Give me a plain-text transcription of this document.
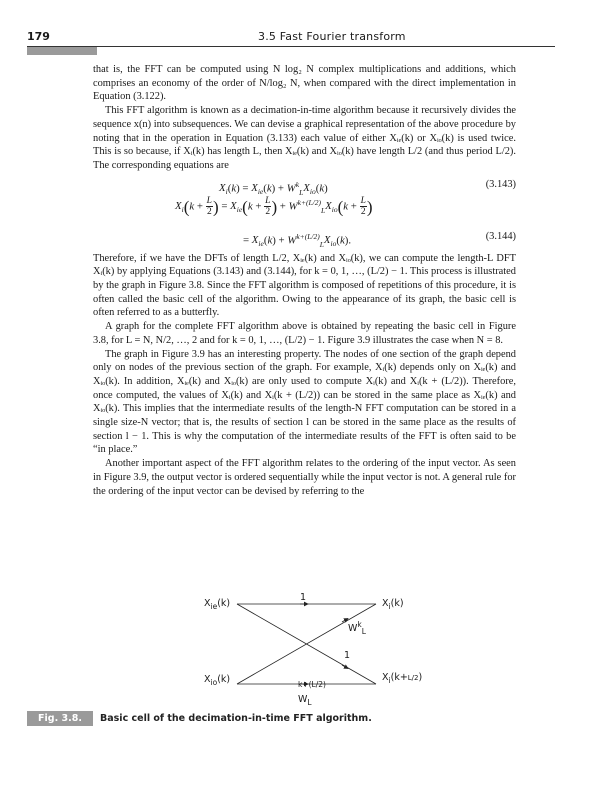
179	3.5 Fast Fourier transform

that is, the FFT can be computed using N log₂ N complex multiplications and additions, which comprises an economy of the order of N/log₂ N, when compared with the direct implementation in Equation (3.122).

This FFT algorithm is known as a decimation-in-time algorithm because it recursively divides the sequence x(n) into subsequences. We can devise a graphical representation of the above procedure by noting that in the operation in Equation (3.133) each value of either Xᵢₑ(k) or Xᵢₒ(k) is used twice. This is so because, if Xᵢ(k) has length L, then Xᵢₑ(k) and Xᵢₒ(k) have length L/2 (and thus period L/2). The corresponding equations are

$X_i(k) = X_{ie}(k) + W^k_LX_{io}(k)$	(3.143)
$X_i(k + \frac{L}{2}$ ) = $X_{ie}(k + \frac{L}{2}$ ) + $W^{k+(L/2)}_LX_{io}(k + \frac{L}{2}$ )
= $X_{ie}(k) + W^{k+(L/2)}_LX_{io}(k)$.	(3.144)

Therefore, if we have the DFTs of length L/2, Xᵢₑ(k) and Xᵢₒ(k), we can compute the length-L DFT Xᵢ(k) by applying Equations (3.143) and (3.144), for k = 0, 1, …, (L/2) − 1. This process is illustrated by the graph in Figure 3.8. Since the FFT algorithm is composed of repetitions of this procedure, it is often called the basic cell of the algorithm. Owing to the appearance of its graph, the basic cell is often referred to as a butterfly.

A graph for the complete FFT algorithm above is obtained by repeating the basic cell in Figure 3.8, for L = N, N/2, …, 2 and for k = 0, 1, …, (L/2) − 1. Figure 3.9 illustrates the case when N = 8.

The graph in Figure 3.9 has an interesting property. The nodes of one section of the graph depend only on nodes of the previous section of the graph. For example, Xᵢ(k) depends only on Xᵢₑ(k) and Xᵢₒ(k). In addition, Xᵢₑ(k) and Xᵢₒ(k) are only used to compute Xᵢ(k) and Xᵢ(k + (L/2)). Therefore, once computed, the values of Xᵢ(k) and Xᵢ(k + (L/2)) can be stored in the same place as Xᵢₑ(k) and Xᵢₒ(k). This implies that the intermediate results of the length-N FFT computation can be stored in a single size-N vector; that is, the results of section l can be stored in the same place as the results of section l − 1. This is why the computation of the intermediate results of the FFT is often said to be “in place.”

Another important aspect of the FFT algorithm relates to the ordering of the input vector. As seen in Figure 3.9, the output vector is ordered sequentially while the input vector is not. A general rule for the ordering of the input vector can be devised by referring to the

$X_{ie}(k)$	$X_i(k)$
$X_{io}(k)$	$X_i(k+L/2)$
1
$W^k_L$
1
$^{k+(L/2)}$
$W_L$
Fig. 3.8.	Basic cell of the decimation-in-time FFT algorithm.
